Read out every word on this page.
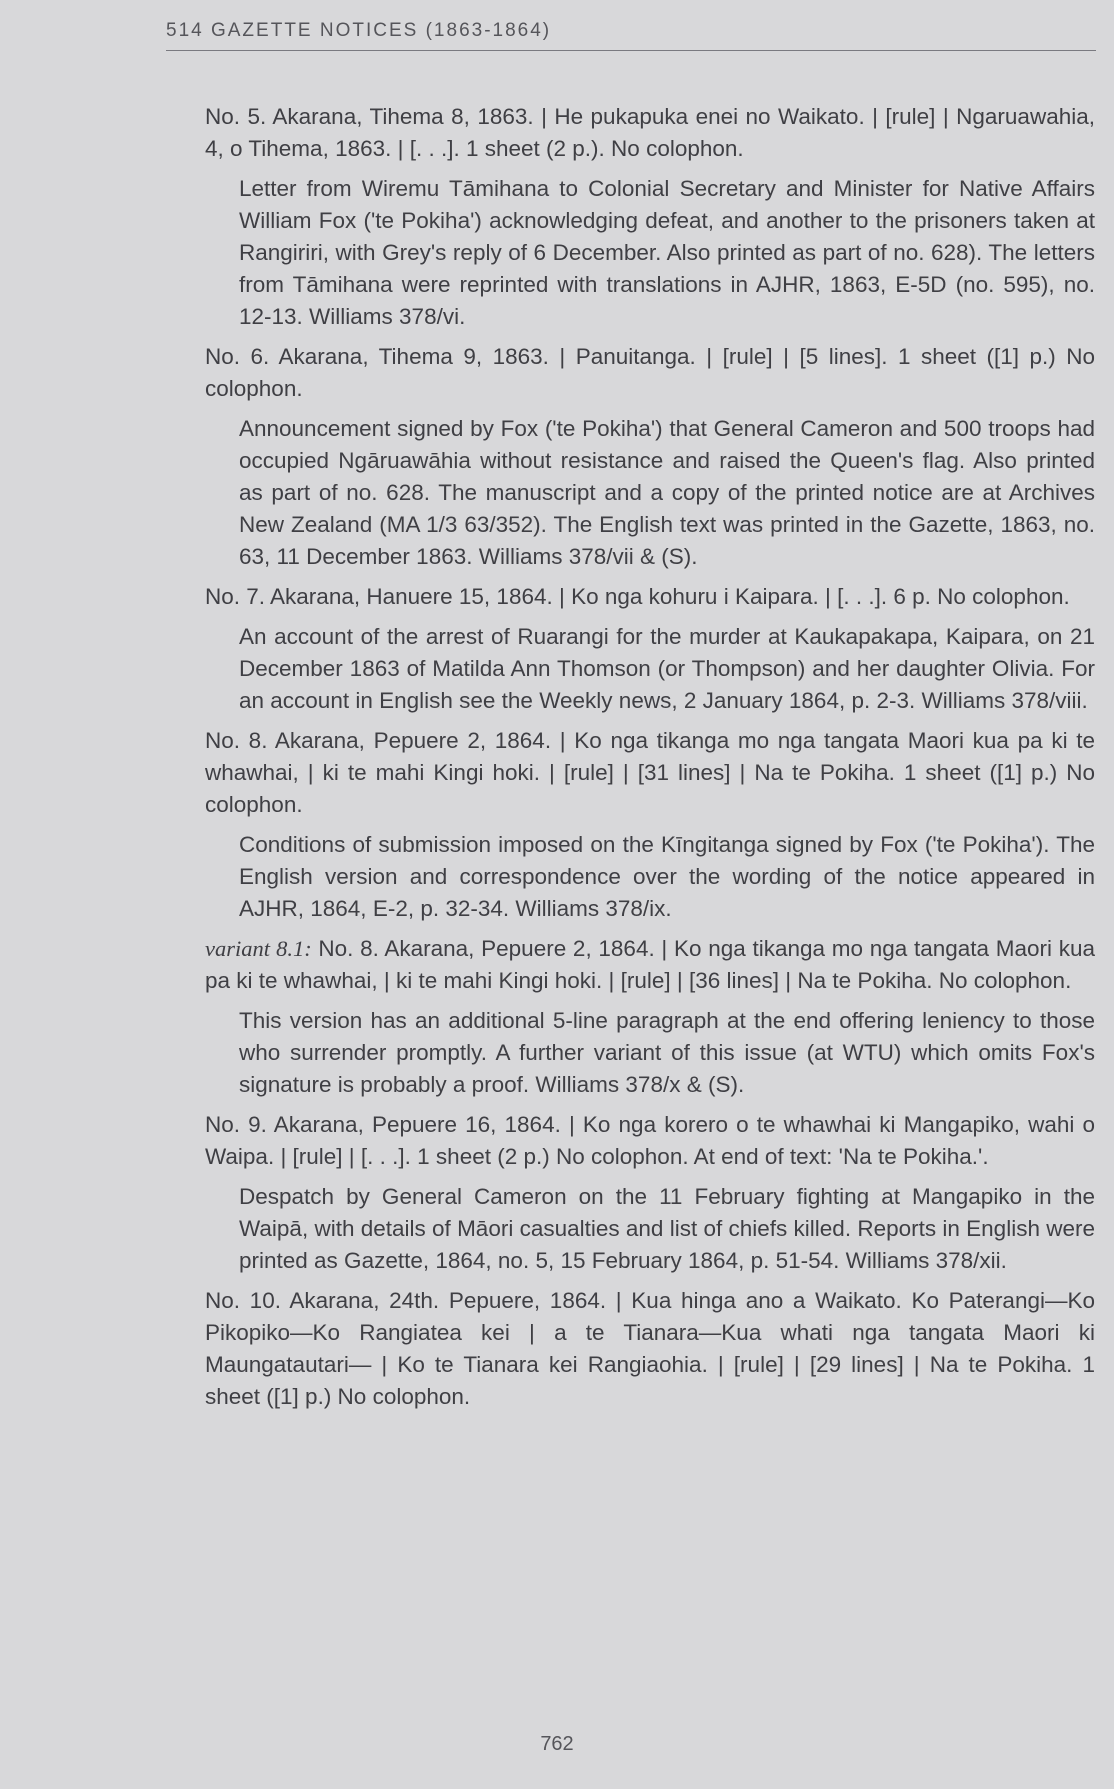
514 GAZETTE NOTICES (1863-1864)
No. 5. Akarana, Tihema 8, 1863. | He pukapuka enei no Waikato. | [rule] | Ngaruawahia, 4, o Tihema, 1863. | [. . .]. 1 sheet (2 p.). No colophon.
Letter from Wiremu Tāmihana to Colonial Secretary and Minister for Native Affairs William Fox ('te Pokiha') acknowledging defeat, and another to the prisoners taken at Rangiriri, with Grey's reply of 6 December. Also printed as part of no. 628). The letters from Tāmihana were reprinted with translations in AJHR, 1863, E-5D (no. 595), no. 12-13. Williams 378/vi.
No. 6. Akarana, Tihema 9, 1863. | Panuitanga. | [rule] | [5 lines]. 1 sheet ([1] p.) No colophon.
Announcement signed by Fox ('te Pokiha') that General Cameron and 500 troops had occupied Ngāruawāhia without resistance and raised the Queen's flag. Also printed as part of no. 628. The manuscript and a copy of the printed notice are at Archives New Zealand (MA 1/3 63/352). The English text was printed in the Gazette, 1863, no. 63, 11 December 1863. Williams 378/vii & (S).
No. 7. Akarana, Hanuere 15, 1864. | Ko nga kohuru i Kaipara. | [. . .]. 6 p. No colophon.
An account of the arrest of Ruarangi for the murder at Kaukapakapa, Kaipara, on 21 December 1863 of Matilda Ann Thomson (or Thompson) and her daughter Olivia. For an account in English see the Weekly news, 2 January 1864, p. 2-3. Williams 378/viii.
No. 8. Akarana, Pepuere 2, 1864. | Ko nga tikanga mo nga tangata Maori kua pa ki te whawhai, | ki te mahi Kingi hoki. | [rule] | [31 lines] | Na te Pokiha. 1 sheet ([1] p.) No colophon.
Conditions of submission imposed on the Kīngitanga signed by Fox ('te Pokiha'). The English version and correspondence over the wording of the notice appeared in AJHR, 1864, E-2, p. 32-34. Williams 378/ix.
variant 8.1: No. 8. Akarana, Pepuere 2, 1864. | Ko nga tikanga mo nga tangata Maori kua pa ki te whawhai, | ki te mahi Kingi hoki. | [rule] | [36 lines] | Na te Pokiha. No colophon.
This version has an additional 5-line paragraph at the end offering leniency to those who surrender promptly. A further variant of this issue (at WTU) which omits Fox's signature is probably a proof. Williams 378/x & (S).
No. 9. Akarana, Pepuere 16, 1864. | Ko nga korero o te whawhai ki Mangapiko, wahi o Waipa. | [rule] | [. . .]. 1 sheet (2 p.) No colophon. At end of text: 'Na te Pokiha.'.
Despatch by General Cameron on the 11 February fighting at Mangapiko in the Waipā, with details of Māori casualties and list of chiefs killed. Reports in English were printed as Gazette, 1864, no. 5, 15 February 1864, p. 51-54. Williams 378/xii.
No. 10. Akarana, 24th. Pepuere, 1864. | Kua hinga ano a Waikato. Ko Paterangi—Ko Pikopiko—Ko Rangiatea kei | a te Tianara—Kua whati nga tangata Maori ki Maungatautari— | Ko te Tianara kei Rangiaohia. | [rule] | [29 lines] | Na te Pokiha. 1 sheet ([1] p.) No colophon.
762
